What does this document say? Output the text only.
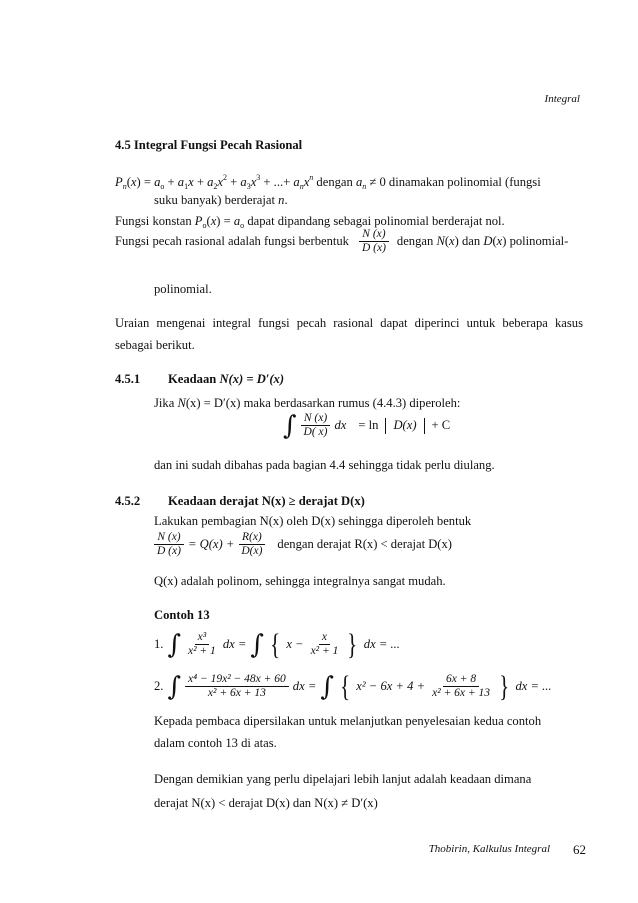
Integral
4.5 Integral Fungsi Pecah Rasional
$P_n(x) = a_o + a_1x + a_2x^2 + a_3x^3$ + ...+ $a_nx^n$ dengan $a_n \ne 0$ dinamakan polinomial (fungsi
suku banyak) berderajat n.
Fungsi konstan $P_o(x) = a_o$ dapat dipandang sebagai polinomial berderajat nol.
Fungsi pecah rasional adalah fungsi berbentuk $\frac{N (x)}{D (x)}$ dengan N(x) dan D(x) polinomial-
polinomial.
Uraian mengenai integral fungsi pecah rasional dapat diperinci untuk beberapa kasus sebagai berikut.
4.5.1 Keadaan N(x) = D′(x)
Jika N(x) = D′(x) maka berdasarkan rumus (4.4.3) diperoleh:
∫ $\frac{N (x)}{D( x)}$ dx = ln D(x) + C
dan ini sudah dibahas pada bagian 4.4 sehingga tidak perlu diulang.
4.5.2 Keadaan derajat N(x) ≥ derajat D(x)
Lakukan pembagian N(x) oleh D(x) sehingga diperoleh bentuk
$\frac{N (x)}{D (x)} = Q(x) + \frac{R(x)}{D(x)}$ dengan derajat R(x) < derajat D(x)
Q(x) adalah polinom, sehingga integralnya sangat mudah.
Contoh 13
1. ∫ $\frac{\text{x³}}{\text{x² + 1}}$ dx = ∫ { $x - \frac{x}{\text{x² + 1}}$ } dx = ...
2. ∫ $\frac{\text{x⁴ − 19x² − 48x + 60}}{\text{x² + 6x + 13}}$ dx = ∫ { $x^2 - 6x + 4 + \frac{6x + 8}{\text{x² + 6x + 13}}$ } dx = ...
Kepada pembaca dipersilakan untuk melanjutkan penyelesaian kedua contoh
dalam contoh 13 di atas.
Dengan demikian yang perlu dipelajari lebih lanjut adalah keadaan dimana
derajat N(x) < derajat D(x) dan N(x) ≠ D′(x)
Thobirin, Kalkulus Integral 62
